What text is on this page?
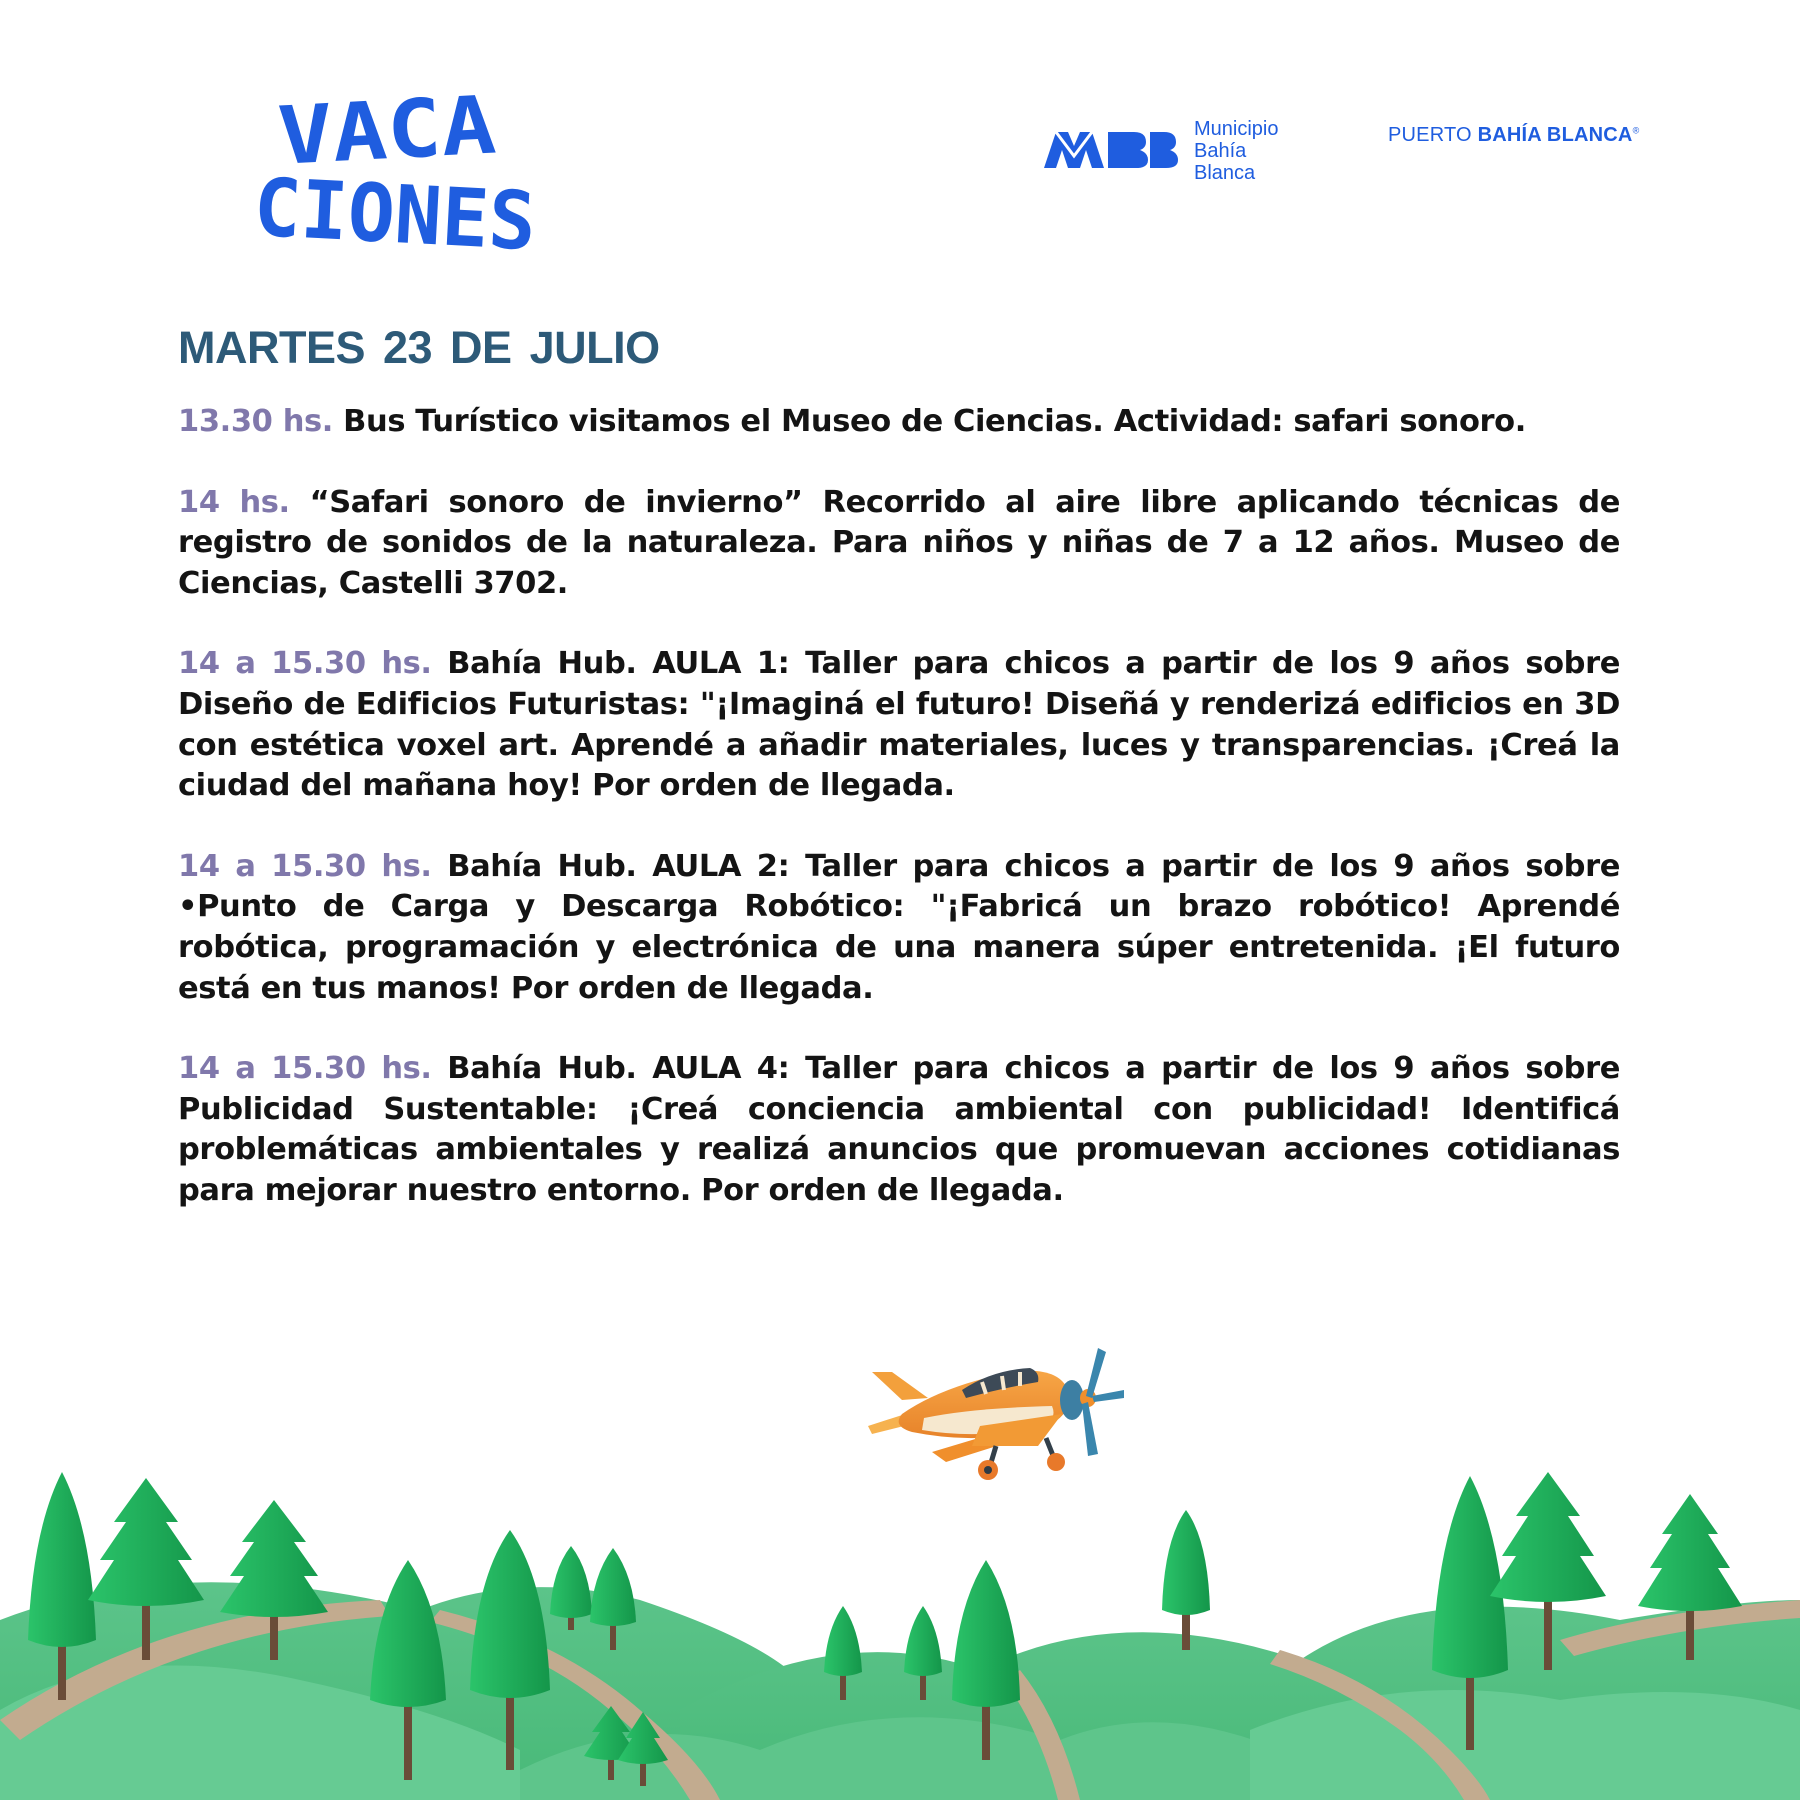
VACA
CIONES
Municipio
Bahía
Blanca
PUERTO BAHÍA BLANCA®
MARTES 23 DE JULIO

13.30 hs. Bus Turístico visitamos el Museo de Ciencias. Actividad: safari sonoro.

14 hs. “Safari sonoro de invierno” Recorrido al aire libre aplicando técnicas de registro de sonidos de la naturaleza. Para niños y niñas de 7 a 12 años. Museo de Ciencias, Castelli 3702.

14 a 15.30 hs. Bahía Hub. AULA 1: Taller para chicos a partir de los 9 años sobre Diseño de Edificios Futuristas: "¡Imaginá el futuro! Diseñá y renderizá edificios en 3D con estética voxel art. Aprendé a añadir materiales, luces y transparencias. ¡Creá la ciudad del mañana hoy! Por orden de llegada.

14 a 15.30 hs. Bahía Hub. AULA 2: Taller para chicos a partir de los 9 años sobre •Punto de Carga y Descarga Robótico: "¡Fabricá un brazo robótico! Aprendé robótica, programación y electrónica de una manera súper entretenida. ¡El futuro está en tus manos! Por orden de llegada.

14 a 15.30 hs. Bahía Hub. AULA 4: Taller para chicos a partir de los 9 años sobre Publicidad Sustentable: ¡Creá conciencia ambiental con publicidad! Identificá problemáticas ambientales y realizá anuncios que promuevan acciones cotidianas para mejorar nuestro entorno. Por orden de llegada.
